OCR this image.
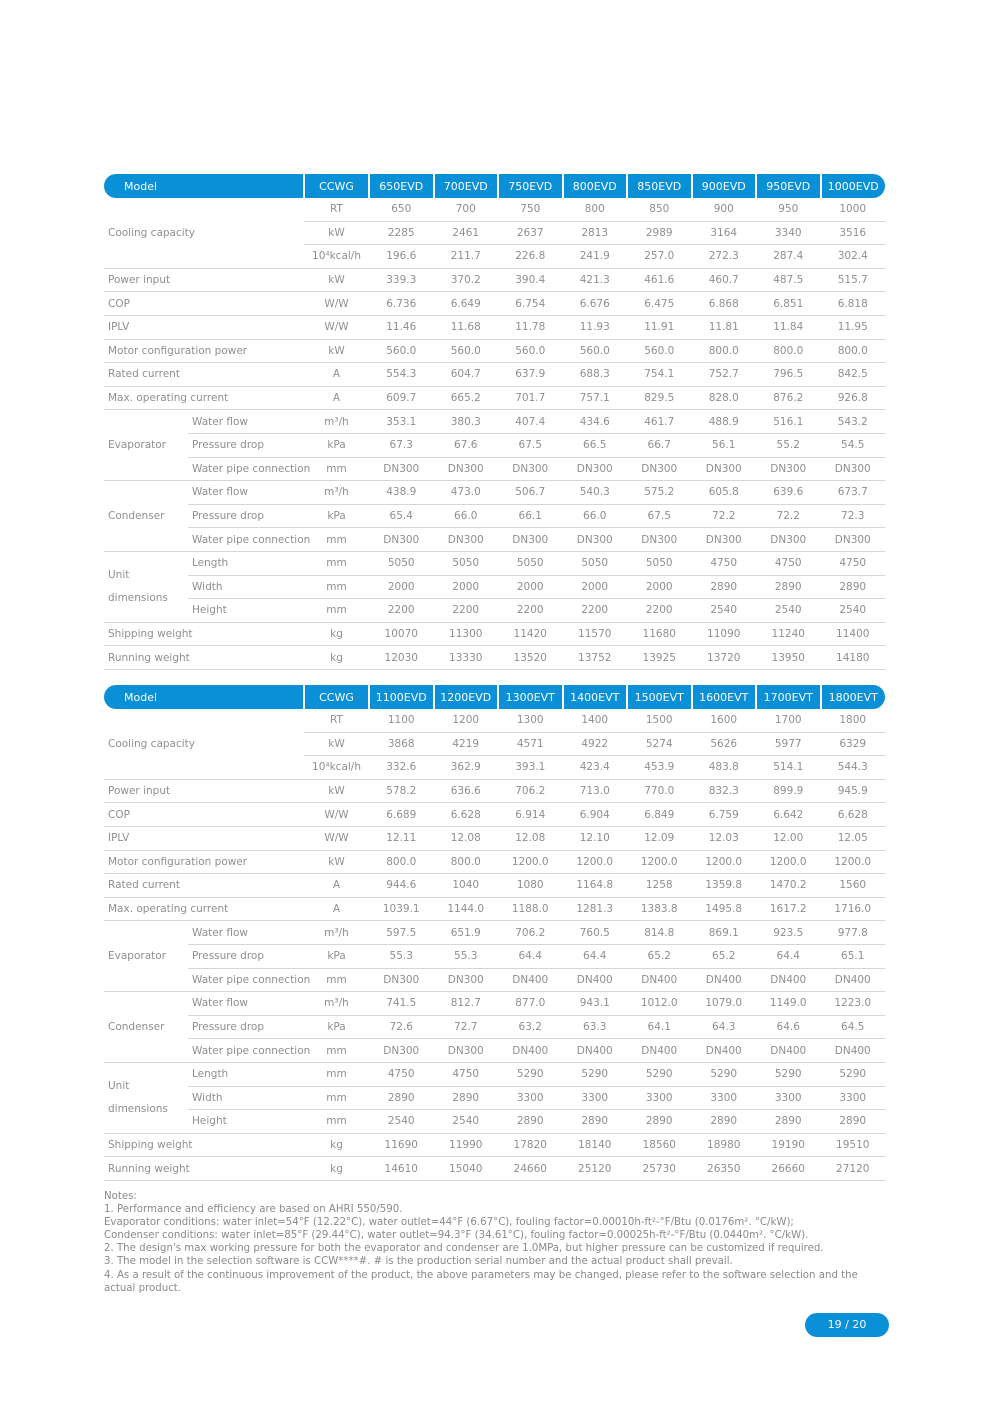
Model		CCWG	650EVD	700EVD	750EVD	800EVD	850EVD	900EVD	950EVD	1000EVD
Cooling capacity		RT	650	700	750	800	850	900	950	1000
		kW	2285	2461	2637	2813	2989	3164	3340	3516
		10⁴kcal/h	196.6	211.7	226.8	241.9	257.0	272.3	287.4	302.4
Power input		kW	339.3	370.2	390.4	421.3	461.6	460.7	487.5	515.7
COP		W/W	6.736	6.649	6.754	6.676	6.475	6.868	6.851	6.818
IPLV		W/W	11.46	11.68	11.78	11.93	11.91	11.81	11.84	11.95
Motor configuration power		kW	560.0	560.0	560.0	560.0	560.0	800.0	800.0	800.0
Rated current		A	554.3	604.7	637.9	688.3	754.1	752.7	796.5	842.5
Max. operating current		A	609.7	665.2	701.7	757.1	829.5	828.0	876.2	926.8
Evaporator	Water flow	m³/h	353.1	380.3	407.4	434.6	461.7	488.9	516.1	543.2
	Pressure drop	kPa	67.3	67.6	67.5	66.5	66.7	56.1	55.2	54.5
	Water pipe connection	mm	DN300	DN300	DN300	DN300	DN300	DN300	DN300	DN300
Condenser	Water flow	m³/h	438.9	473.0	506.7	540.3	575.2	605.8	639.6	673.7
	Pressure drop	kPa	65.4	66.0	66.1	66.0	67.5	72.2	72.2	72.3
	Water pipe connection	mm	DN300	DN300	DN300	DN300	DN300	DN300	DN300	DN300
Unit
dimensions	Length	mm	5050	5050	5050	5050	5050	4750	4750	4750
	Width	mm	2000	2000	2000	2000	2000	2890	2890	2890
	Height	mm	2200	2200	2200	2200	2200	2540	2540	2540
Shipping weight		kg	10070	11300	11420	11570	11680	11090	11240	11400
Running weight		kg	12030	13330	13520	13752	13925	13720	13950	14180
Model		CCWG	1100EVD	1200EVD	1300EVT	1400EVT	1500EVT	1600EVT	1700EVT	1800EVT
Cooling capacity		RT	1100	1200	1300	1400	1500	1600	1700	1800
		kW	3868	4219	4571	4922	5274	5626	5977	6329
		10⁴kcal/h	332.6	362.9	393.1	423.4	453.9	483.8	514.1	544.3
Power input		kW	578.2	636.6	706.2	713.0	770.0	832.3	899.9	945.9
COP		W/W	6.689	6.628	6.914	6.904	6.849	6.759	6.642	6.628
IPLV		W/W	12.11	12.08	12.08	12.10	12.09	12.03	12.00	12.05
Motor configuration power		kW	800.0	800.0	1200.0	1200.0	1200.0	1200.0	1200.0	1200.0
Rated current		A	944.6	1040	1080	1164.8	1258	1359.8	1470.2	1560
Max. operating current		A	1039.1	1144.0	1188.0	1281.3	1383.8	1495.8	1617.2	1716.0
Evaporator	Water flow	m³/h	597.5	651.9	706.2	760.5	814.8	869.1	923.5	977.8
	Pressure drop	kPa	55.3	55.3	64.4	64.4	65.2	65.2	64.4	65.1
	Water pipe connection	mm	DN300	DN300	DN400	DN400	DN400	DN400	DN400	DN400
Condenser	Water flow	m³/h	741.5	812.7	877.0	943.1	1012.0	1079.0	1149.0	1223.0
	Pressure drop	kPa	72.6	72.7	63.2	63.3	64.1	64.3	64.6	64.5
	Water pipe connection	mm	DN300	DN300	DN400	DN400	DN400	DN400	DN400	DN400
Unit
dimensions	Length	mm	4750	4750	5290	5290	5290	5290	5290	5290
	Width	mm	2890	2890	3300	3300	3300	3300	3300	3300
	Height	mm	2540	2540	2890	2890	2890	2890	2890	2890
Shipping weight		kg	11690	11990	17820	18140	18560	18980	19190	19510
Running weight		kg	14610	15040	24660	25120	25730	26350	26660	27120
Notes:
1. Performance and efficiency are based on AHRI 550/590.
Evaporator conditions: water inlet=54°F (12.22°C), water outlet=44°F (6.67°C), fouling factor=0.00010h-ft²-°F/Btu (0.0176m². °C/kW);
Condenser conditions: water inlet=85°F (29.44°C), water outlet=94.3°F (34.61°C), fouling factor=0.00025h-ft²-°F/Btu (0.0440m². °C/kW).
2. The design's max working pressure for both the evaporator and condenser are 1.0MPa, but higher pressure can be customized if required.
3. The model in the selection software is CCW****#. # is the production serial number and the actual product shall prevail.
4. As a result of the continuous improvement of the product, the above parameters may be changed, please refer to the software selection and the actual product.
19 / 20
